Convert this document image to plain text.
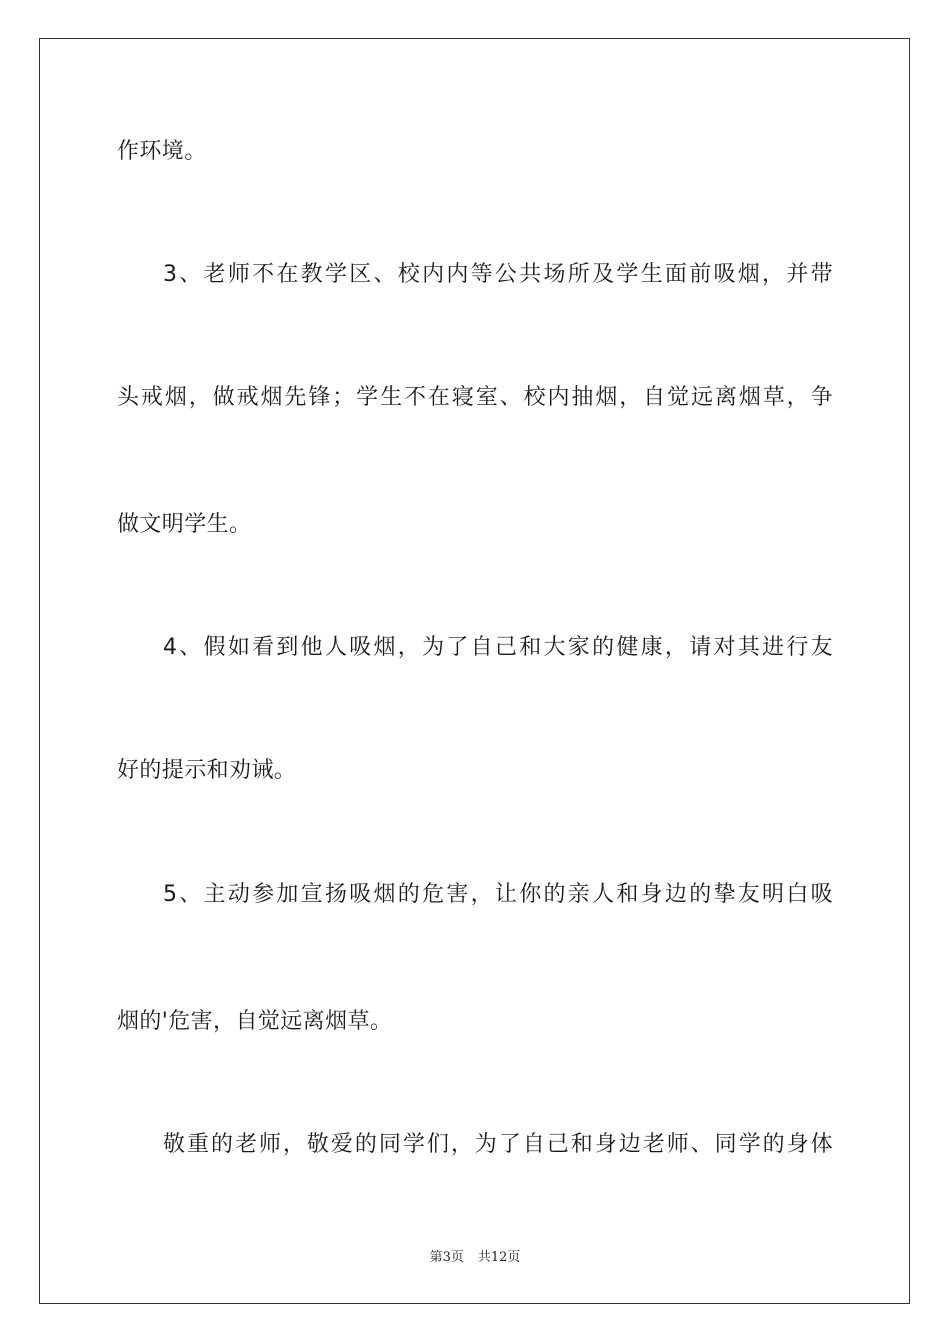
作环境。
3、老师不在教学区、校内内等公共场所及学生面前吸烟，并带
头戒烟，做戒烟先锋；学生不在寝室、校内抽烟，自觉远离烟草，争
做文明学生。
4、假如看到他人吸烟，为了自己和大家的健康，请对其进行友
好的提示和劝诫。
5、主动参加宣扬吸烟的危害，让你的亲人和身边的挚友明白吸
烟的'危害，自觉远离烟草。
敬重的老师，敬爱的同学们，为了自己和身边老师、同学的身体
第3页 共12页
